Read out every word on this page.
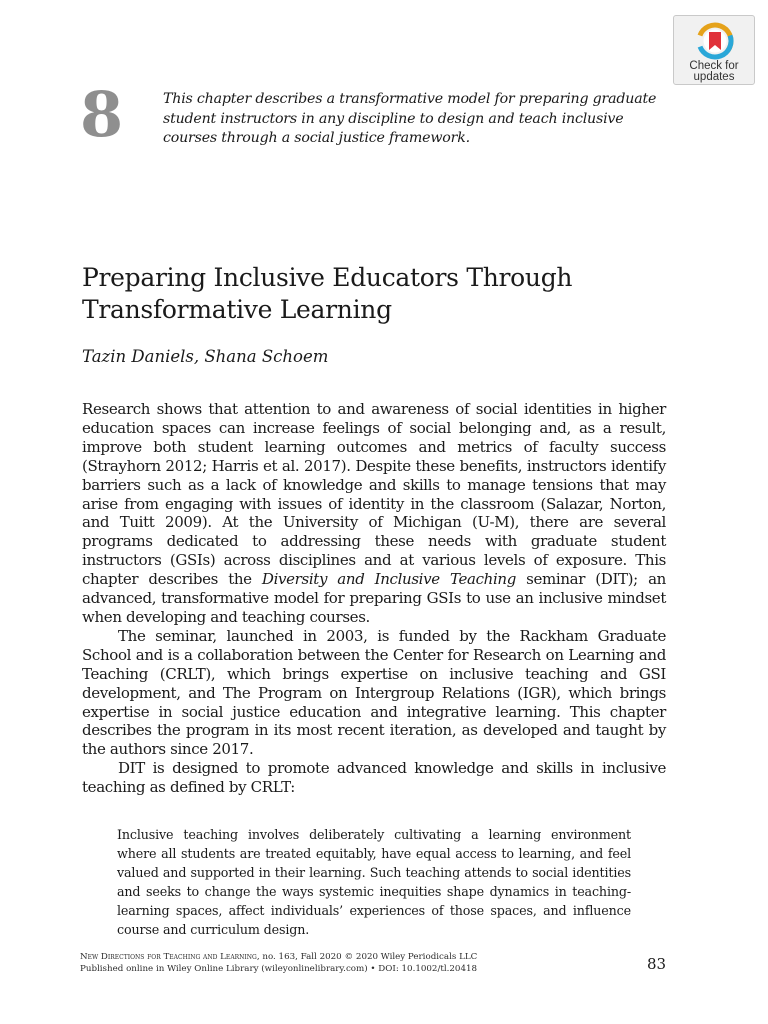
Check for
updates
8	This chapter describes a transformative model for preparing graduate student instructors in any discipline to design and teach inclusive courses through a social justice framework.
Preparing Inclusive Educators Through Transformative Learning
Tazin Daniels, Shana Schoem

Research shows that attention to and awareness of social identities in higher education spaces can increase feelings of social belonging and, as a result, improve both student learning outcomes and metrics of faculty success (Strayhorn 2012; Harris et al. 2017). Despite these benefits, instructors identify barriers such as a lack of knowledge and skills to manage tensions that may arise from engaging with issues of identity in the classroom (Salazar, Norton, and Tuitt 2009). At the University of Michigan (U-M), there are several programs dedicated to addressing these needs with graduate student instructors (GSIs) across disciplines and at various levels of exposure. This chapter describes the Diversity and Inclusive Teaching seminar (DIT); an advanced, transformative model for preparing GSIs to use an inclusive mindset when developing and teaching courses.

The seminar, launched in 2003, is funded by the Rackham Graduate School and is a collaboration between the Center for Research on Learning and Teaching (CRLT), which brings expertise on inclusive teaching and GSI development, and The Program on Intergroup Relations (IGR), which brings expertise in social justice education and integrative learning. This chapter describes the program in its most recent iteration, as developed and taught by the authors since 2017.

DIT is designed to promote advanced knowledge and skills in inclusive teaching as defined by CRLT:

Inclusive teaching involves deliberately cultivating a learning environment where all students are treated equitably, have equal access to learning, and feel valued and supported in their learning. Such teaching attends to social identities and seeks to change the ways systemic inequities shape dynamics in teaching-learning spaces, affect individuals’ experiences of those spaces, and influence course and curriculum design.
New Directions for Teaching and Learning, no. 163, Fall 2020 © 2020 Wiley Periodicals LLC
Published online in Wiley Online Library (wileyonlinelibrary.com) • DOI: 10.1002/tl.20418	83
